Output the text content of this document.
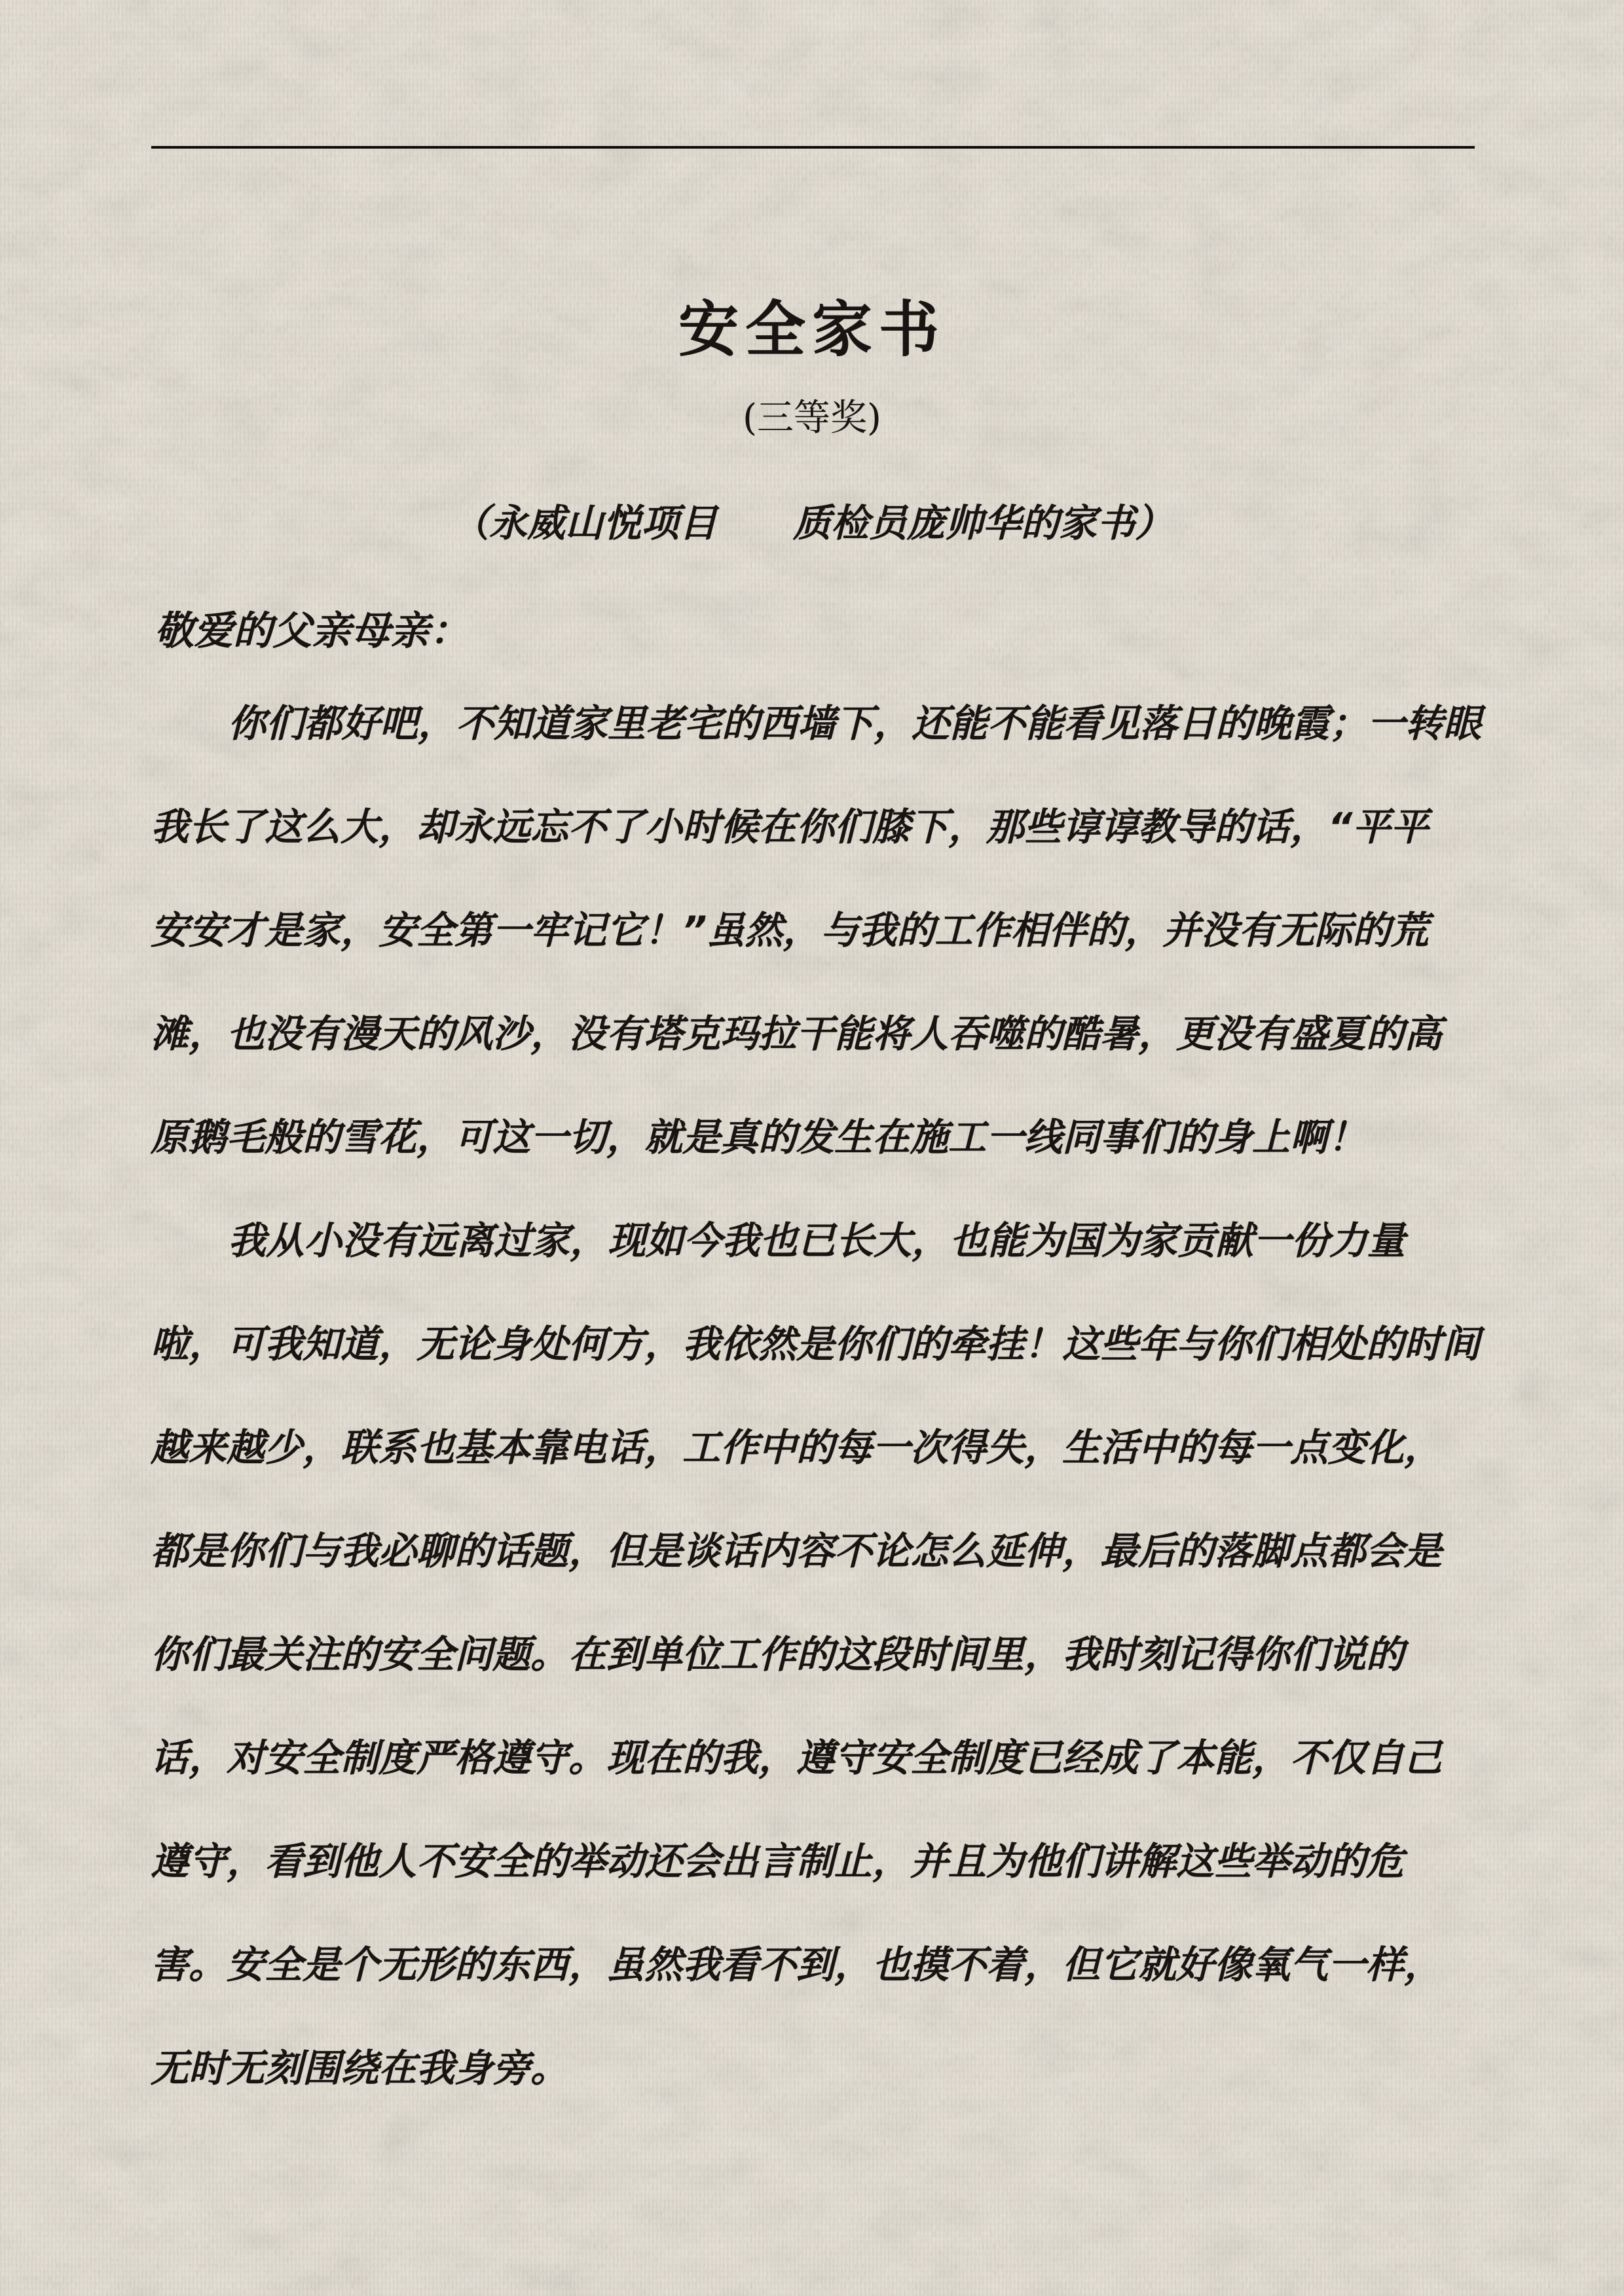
安全家书
(三等奖)
（永威山悦项目　　质检员庞帅华的家书）
敬爱的父亲母亲：

你们都好吧，不知道家里老宅的西墙下，还能不能看见落日的晚霞；一转眼

我长了这么大，却永远忘不了小时候在你们膝下，那些谆谆教导的话，“平平

安安才是家，安全第一牢记它！”虽然，与我的工作相伴的，并没有无际的荒

滩，也没有漫天的风沙，没有塔克玛拉干能将人吞噬的酷暑，更没有盛夏的高

原鹅毛般的雪花，可这一切，就是真的发生在施工一线同事们的身上啊！

我从小没有远离过家，现如今我也已长大，也能为国为家贡献一份力量

啦，可我知道，无论身处何方，我依然是你们的牵挂！这些年与你们相处的时间

越来越少，联系也基本靠电话，工作中的每一次得失，生活中的每一点变化，

都是你们与我必聊的话题，但是谈话内容不论怎么延伸，最后的落脚点都会是

你们最关注的安全问题。在到单位工作的这段时间里，我时刻记得你们说的

话，对安全制度严格遵守。现在的我，遵守安全制度已经成了本能，不仅自己

遵守，看到他人不安全的举动还会出言制止，并且为他们讲解这些举动的危

害。安全是个无形的东西，虽然我看不到，也摸不着，但它就好像氧气一样，

无时无刻围绕在我身旁。
